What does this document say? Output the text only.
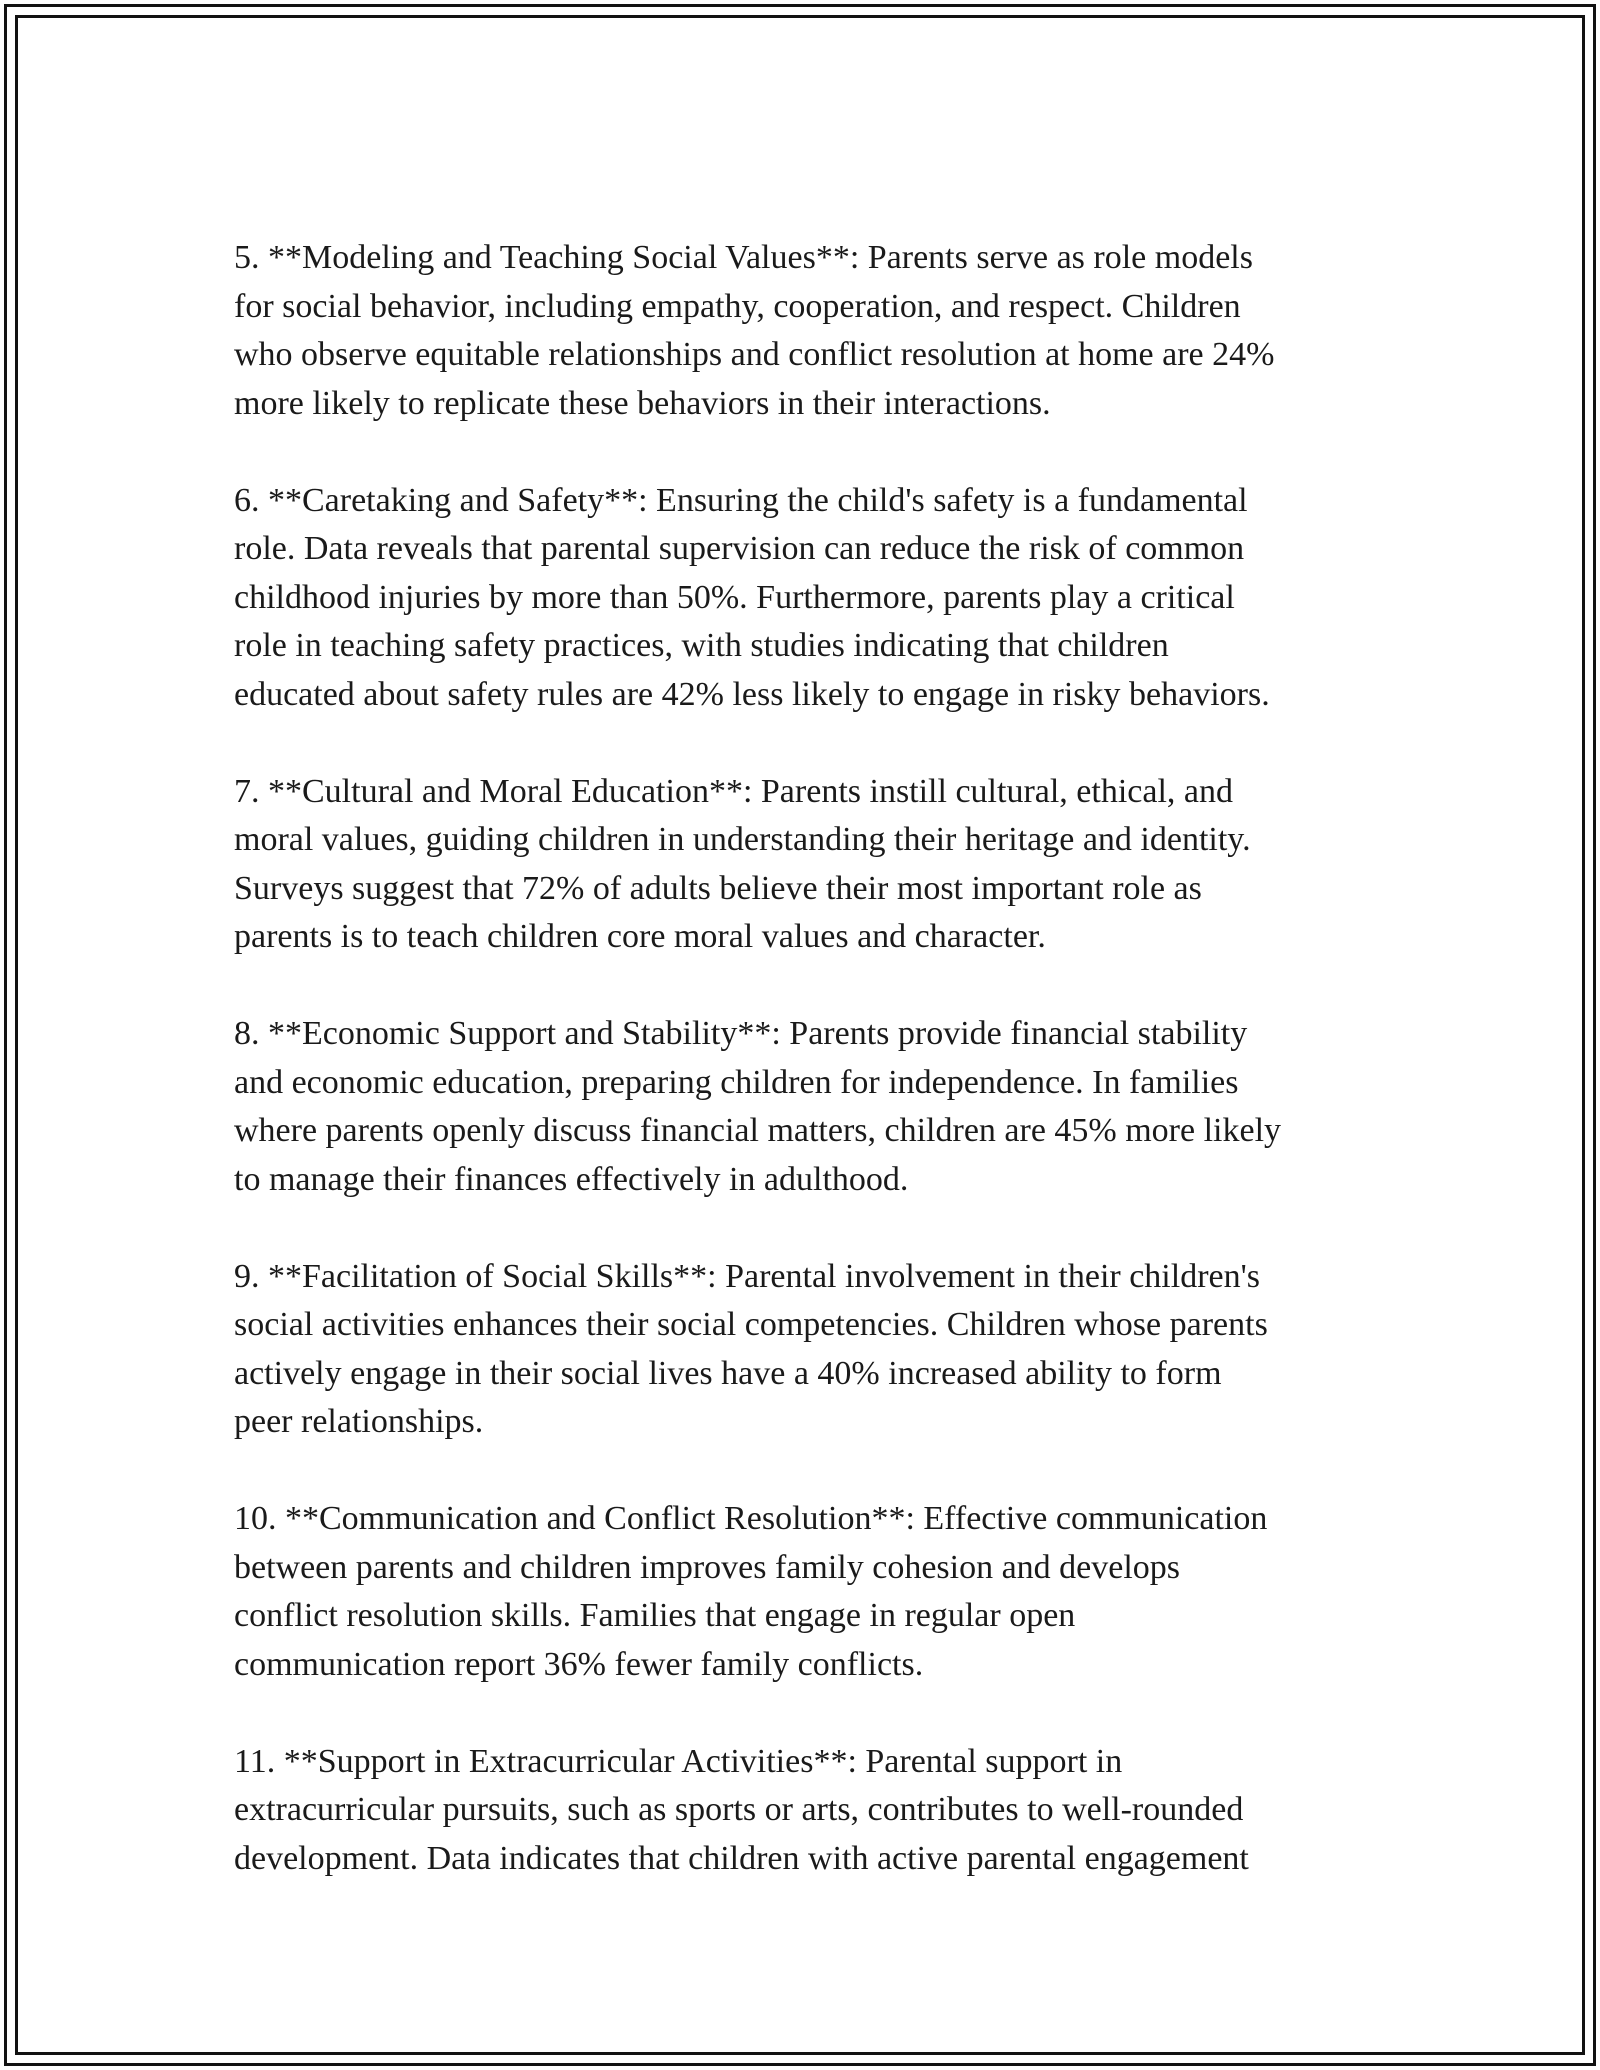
5. **Modeling and Teaching Social Values**: Parents serve as role models
for social behavior, including empathy, cooperation, and respect. Children
who observe equitable relationships and conflict resolution at home are 24%
more likely to replicate these behaviors in their interactions.

6. **Caretaking and Safety**: Ensuring the child's safety is a fundamental
role. Data reveals that parental supervision can reduce the risk of common
childhood injuries by more than 50%. Furthermore, parents play a critical
role in teaching safety practices, with studies indicating that children
educated about safety rules are 42% less likely to engage in risky behaviors.

7. **Cultural and Moral Education**: Parents instill cultural, ethical, and
moral values, guiding children in understanding their heritage and identity.
Surveys suggest that 72% of adults believe their most important role as
parents is to teach children core moral values and character.

8. **Economic Support and Stability**: Parents provide financial stability
and economic education, preparing children for independence. In families
where parents openly discuss financial matters, children are 45% more likely
to manage their finances effectively in adulthood.

9. **Facilitation of Social Skills**: Parental involvement in their children's
social activities enhances their social competencies. Children whose parents
actively engage in their social lives have a 40% increased ability to form
peer relationships.

10. **Communication and Conflict Resolution**: Effective communication
between parents and children improves family cohesion and develops
conflict resolution skills. Families that engage in regular open
communication report 36% fewer family conflicts.

11. **Support in Extracurricular Activities**: Parental support in
extracurricular pursuits, such as sports or arts, contributes to well-rounded
development. Data indicates that children with active parental engagement
